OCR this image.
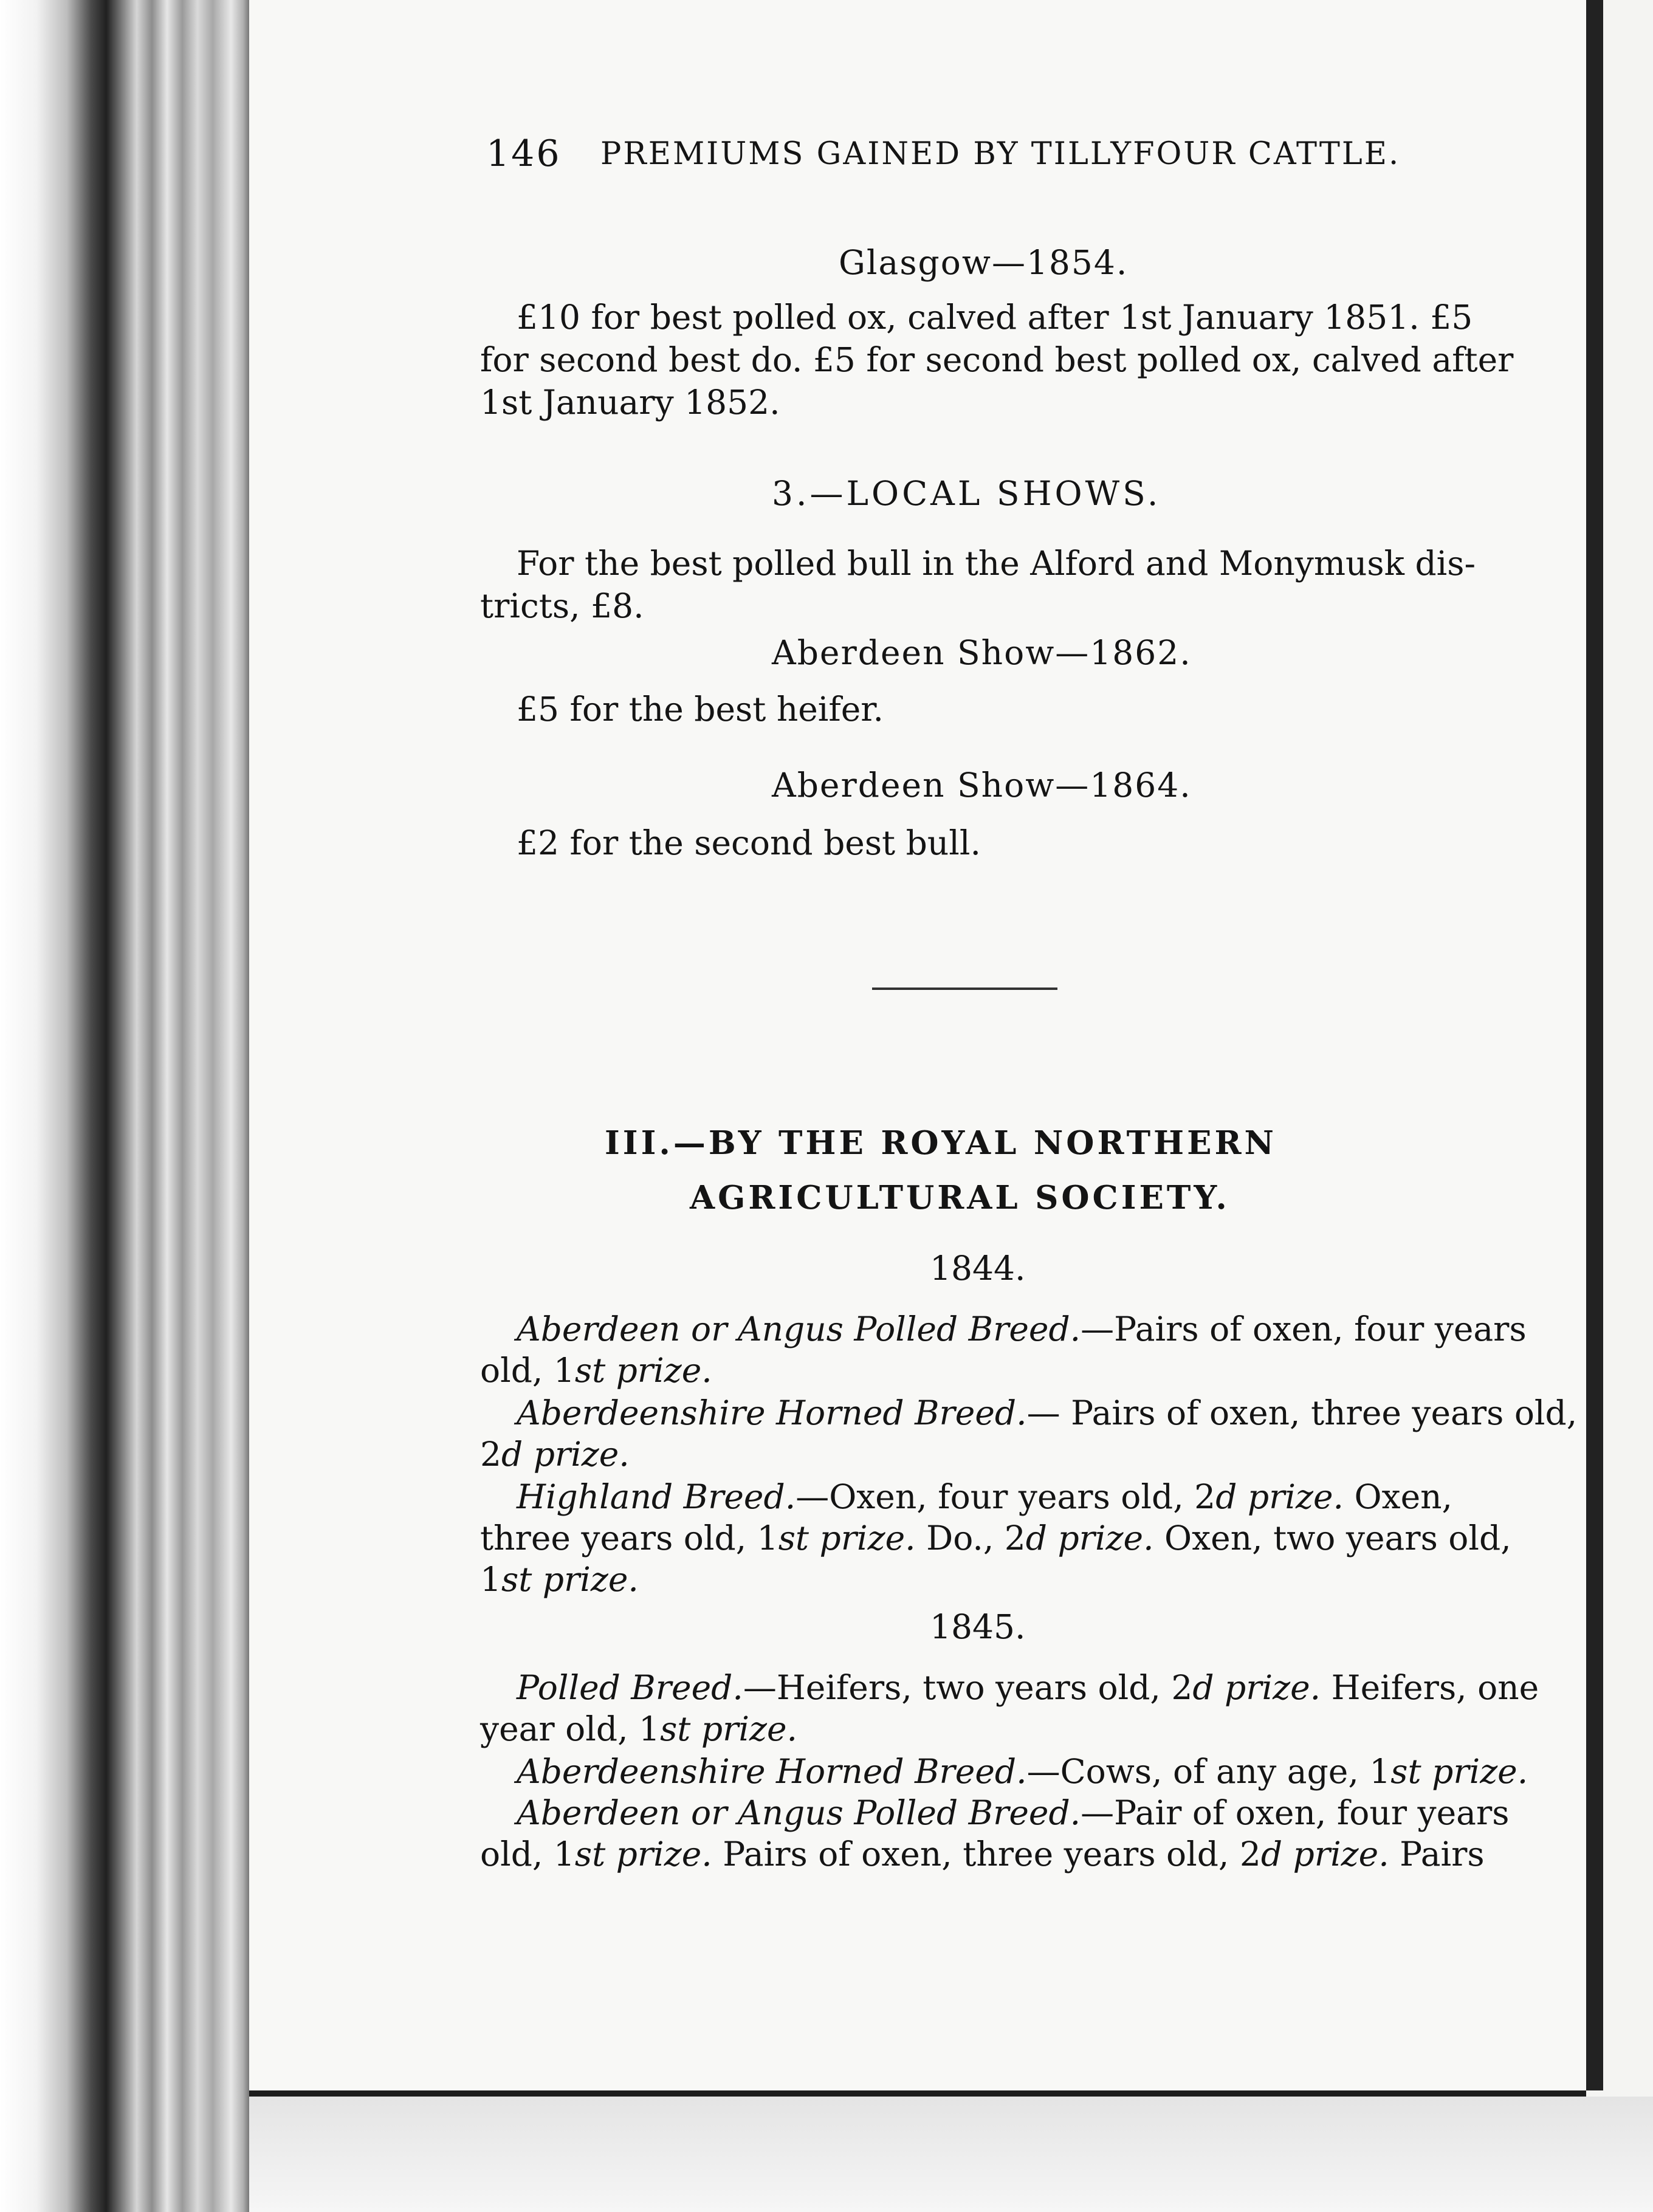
146 PREMIUMS GAINED BY TILLYFOUR CATTLE.
Glasgow—1854.
£10 for best polled ox, calved after 1st January 1851. £5
for second best do. £5 for second best polled ox, calved after
1st January 1852.
3.—LOCAL SHOWS.
For the best polled bull in the Alford and Monymusk dis-
tricts, £8.
Aberdeen Show—1862.
£5 for the best heifer.
Aberdeen Show—1864.
£2 for the second best bull.
III.—BY THE ROYAL NORTHERN
AGRICULTURAL SOCIETY.
1844.
Aberdeen or Angus Polled Breed.—Pairs of oxen, four years
old, 1st prize.
Aberdeenshire Horned Breed.— Pairs of oxen, three years old,
2d prize.
Highland Breed.—Oxen, four years old, 2d prize. Oxen,
three years old, 1st prize. Do., 2d prize. Oxen, two years old,
1st prize.
1845.
Polled Breed.—Heifers, two years old, 2d prize. Heifers, one
year old, 1st prize.
Aberdeenshire Horned Breed.—Cows, of any age, 1st prize.
Aberdeen or Angus Polled Breed.—Pair of oxen, four years
old, 1st prize. Pairs of oxen, three years old, 2d prize. Pairs
